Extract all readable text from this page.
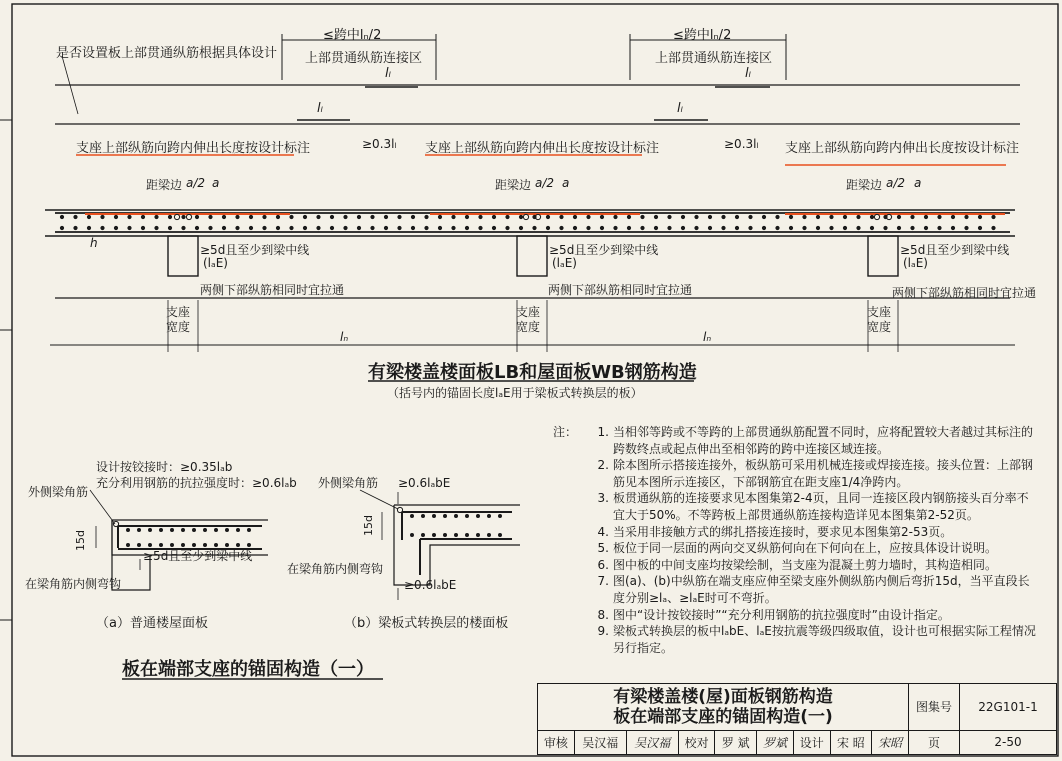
是否设置板上部贯通纵筋根据具体设计
≤跨中lₙ/2
上部贯通纵筋连接区
≤跨中lₙ/2
上部贯通纵筋连接区
lₗ	lₗ
lₗ	lₗ
支座上部纵筋向跨内伸出长度按设计标注	支座上部纵筋向跨内伸出长度按设计标注	支座上部纵筋向跨内伸出长度按设计标注
≥0.3lₗ	≥0.3lₗ
距梁边 a/2 a	距梁边 a/2 a	距梁边 a/2 a
h	≥5d且至少到梁中线
(lₐE)
≥5d且至少到梁中线
(lₐE)
≥5d且至少到梁中线
(lₐE)
两侧下部纵筋相同时宜拉通	两侧下部纵筋相同时宜拉通	两侧下部纵筋相同时宜拉通
支座
宽度
支座
宽度
支座
宽度
lₙ	lₙ
有梁楼盖楼面板LB和屋面板WB钢筋构造
（括号内的锚固长度lₐE用于梁板式转换层的板）
设计按铰接时：≥0.35lₐb
充分利用钢筋的抗拉强度时：≥0.6lₐb
外侧梁角筋
15d
≥5d且至少到梁中线
在梁角筋内侧弯钩
（a）普通楼屋面板
外侧梁角筋 ≥0.6lₐbE
15d
在梁角筋内侧弯钩
≥0.6lₐbE
（b）梁板式转换层的楼面板
板在端部支座的锚固构造（一）
注：	1. 当相邻等跨或不等跨的上部贯通纵筋配置不同时，应将配置较大者越过其标注的跨数终点或起点伸出至相邻跨的跨中连接区域连接。
2. 除本图所示搭接连接外，板纵筋可采用机械连接或焊接连接。接头位置：上部钢筋见本图所示连接区，下部钢筋宜在距支座1/4净跨内。
3. 板贯通纵筋的连接要求见本图集第2-4页，且同一连接区段内钢筋接头百分率不宜大于50%。不等跨板上部贯通纵筋连接构造详见本图集第2-52页。
4. 当采用非接触方式的绑扎搭接连接时，要求见本图集第2-53页。
5. 板位于同一层面的两向交叉纵筋何向在下何向在上，应按具体设计说明。
6. 图中板的中间支座均按梁绘制，当支座为混凝土剪力墙时，其构造相同。
7. 图(a)、(b)中纵筋在端支座应伸至梁支座外侧纵筋内侧后弯折15d，当平直段长度分别≥lₐ、≥lₐE时可不弯折。
8. 图中“设计按铰接时”“充分利用钢筋的抗拉强度时”由设计指定。
9. 梁板式转换层的板中lₐbE、lₐE按抗震等级四级取值，设计也可根据实际工程情况另行指定。
有梁楼盖楼(屋)面板钢筋构造
板在端部支座的锚固构造(一)									图集号	22G101-1
审核	吴汉福	吴汉福	校对	罗 斌	罗斌	设计	宋 昭	宋昭	页	2-50
